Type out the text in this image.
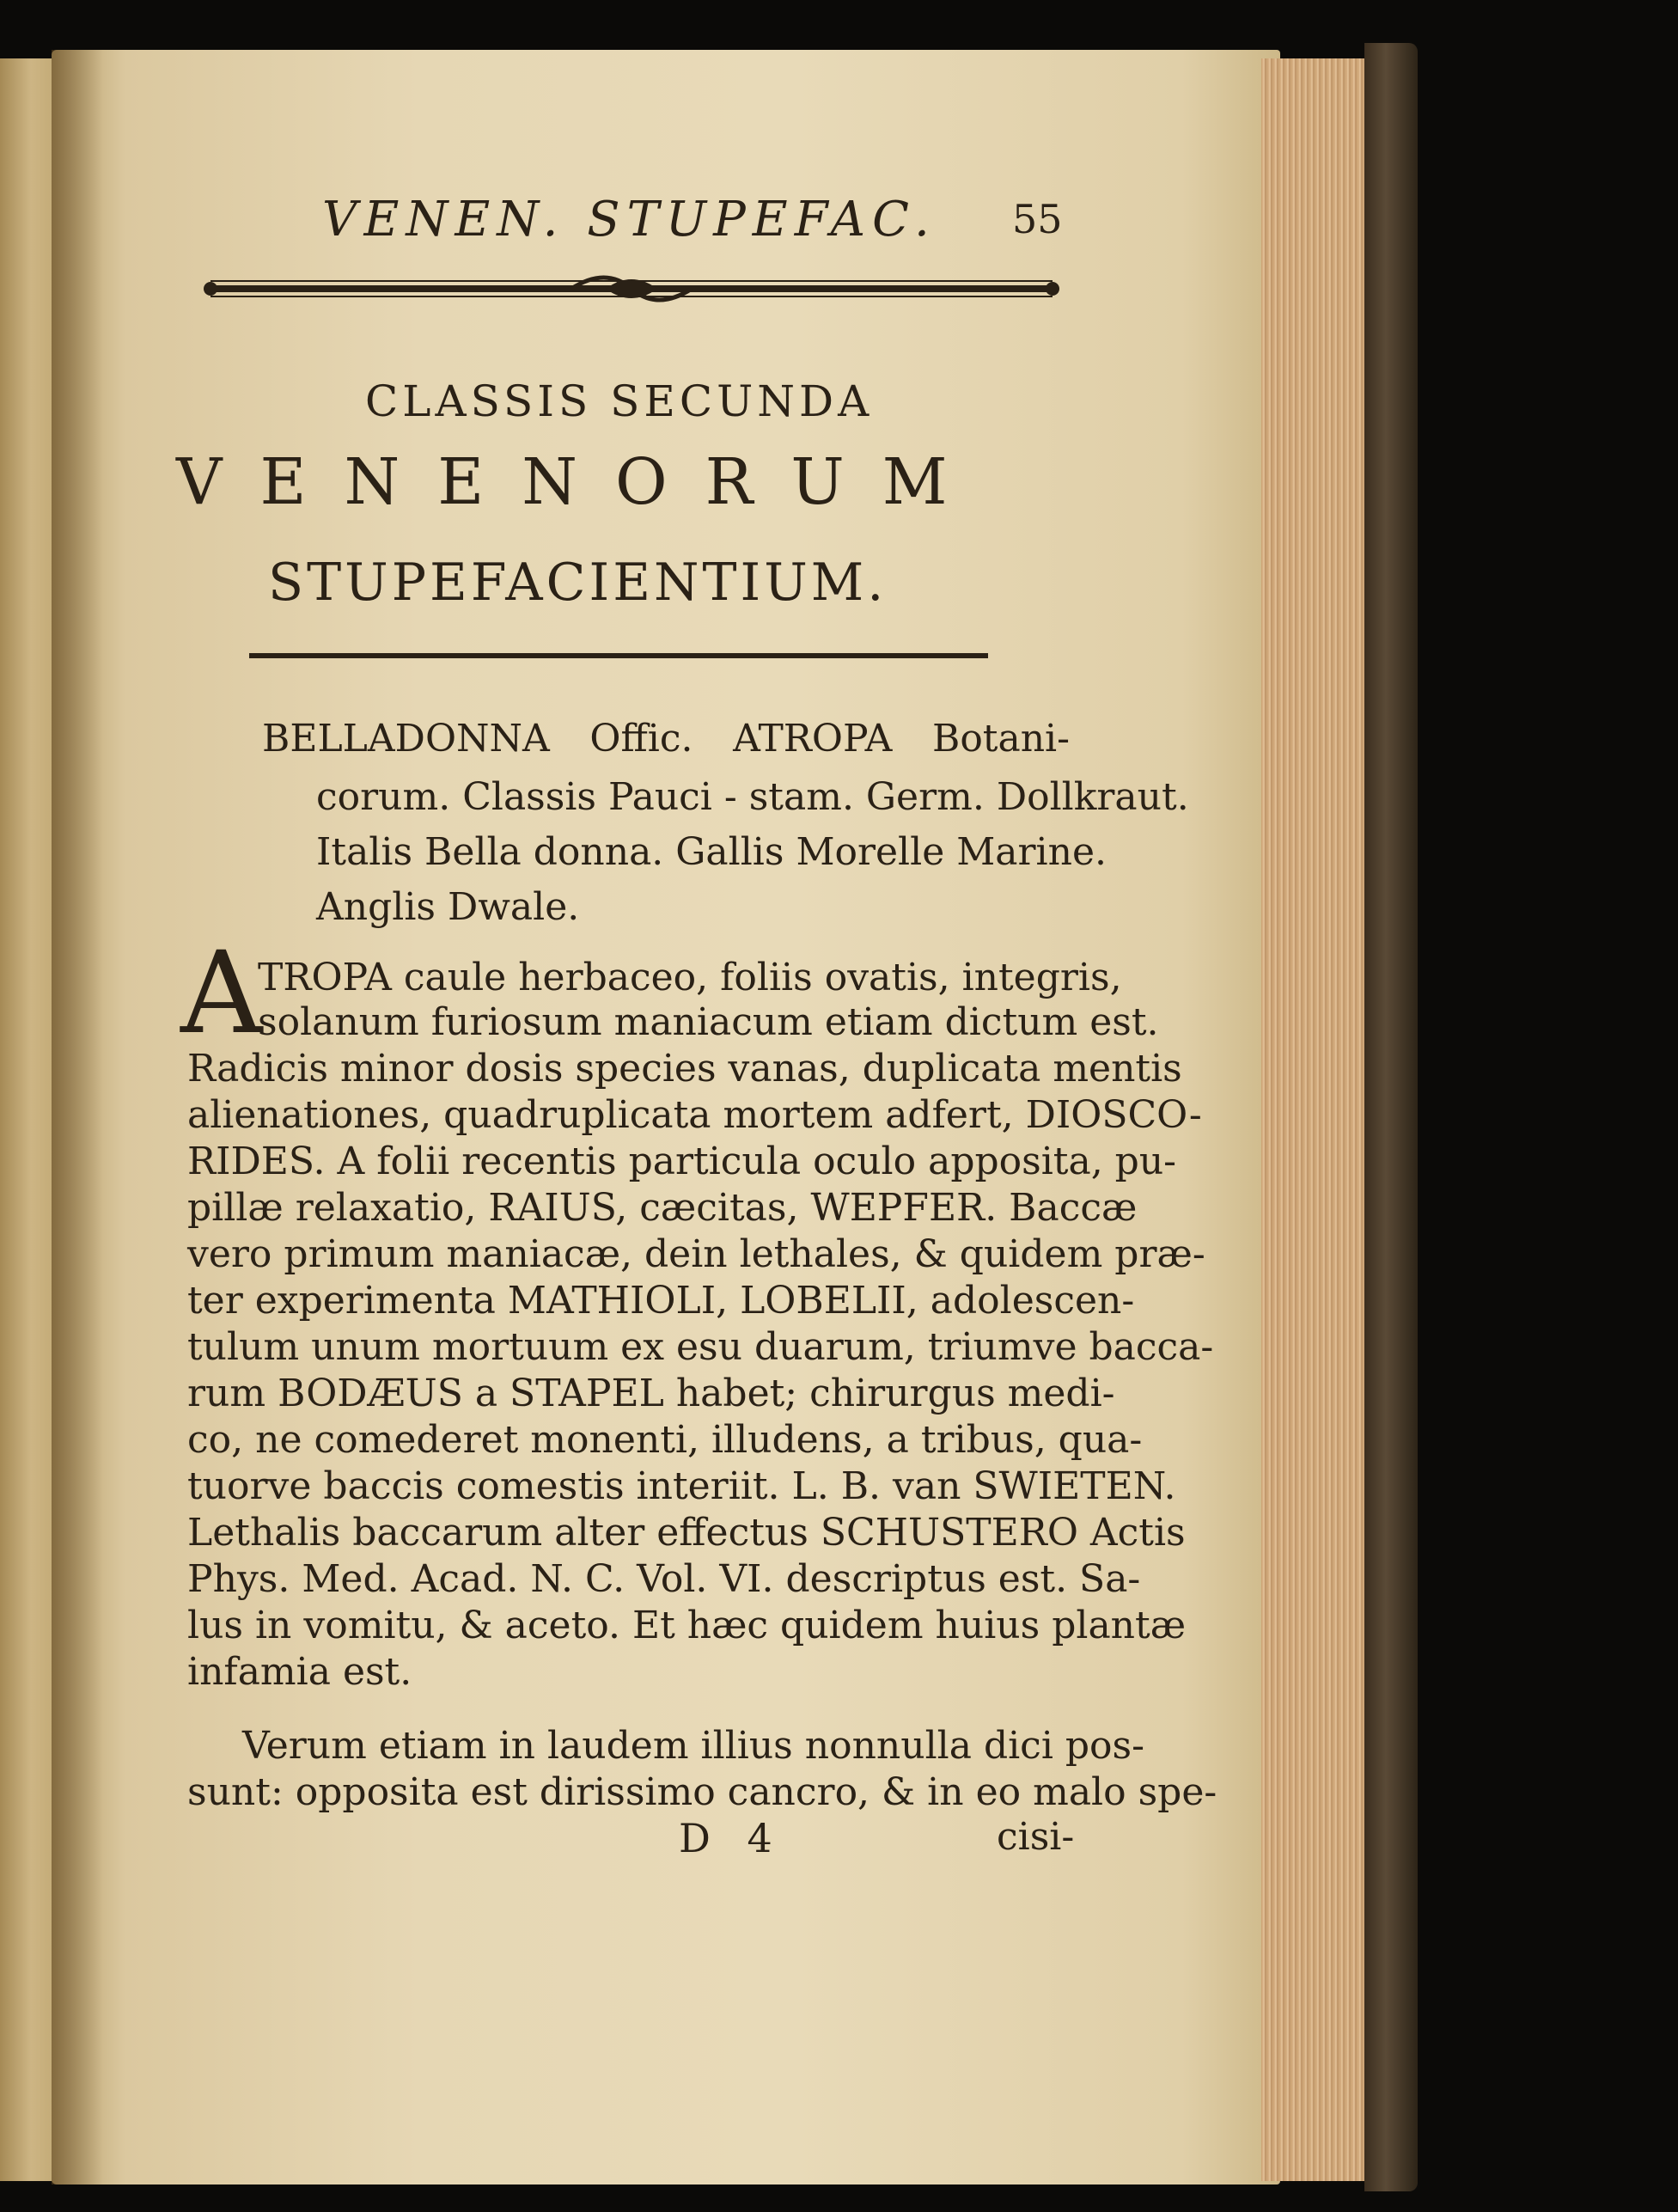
VENEN. STUPEFAC. 55
CLASSIS SECUNDA
VENENORUM
STUPEFACIENTIUM.
BELLADONNA Offic. ATROPA Botani-
corum. Classis Pauci - stam. Germ. Dollkraut.
Italis Bella donna. Gallis Morelle Marine.
Anglis Dwale.
A
TROPA caule herbaceo, foliis ovatis, integris,
solanum furiosum maniacum etiam dictum est.
Radicis minor dosis species vanas, duplicata mentis
alienationes, quadruplicata mortem adfert, DIOSCO-
RIDES. A folii recentis particula oculo apposita, pu-
pillæ relaxatio, RAIUS, cæcitas, WEPFER. Baccæ
vero primum maniacæ, dein lethales, & quidem præ-
ter experimenta MATHIOLI, LOBELII, adolescen-
tulum unum mortuum ex esu duarum, triumve bacca-
rum BODÆUS a STAPEL habet; chirurgus medi-
co, ne comederet monenti, illudens, a tribus, qua-
tuorve baccis comestis interiit. L. B. van SWIETEN.
Lethalis baccarum alter effectus SCHUSTERO Actis
Phys. Med. Acad. N. C. Vol. VI. descriptus est. Sa-
lus in vomitu, & aceto. Et hæc quidem huius plantæ
infamia est.
Verum etiam in laudem illius nonnulla dici pos-
sunt: opposita est dirissimo cancro, & in eo malo spe-
D 4	cisi-
